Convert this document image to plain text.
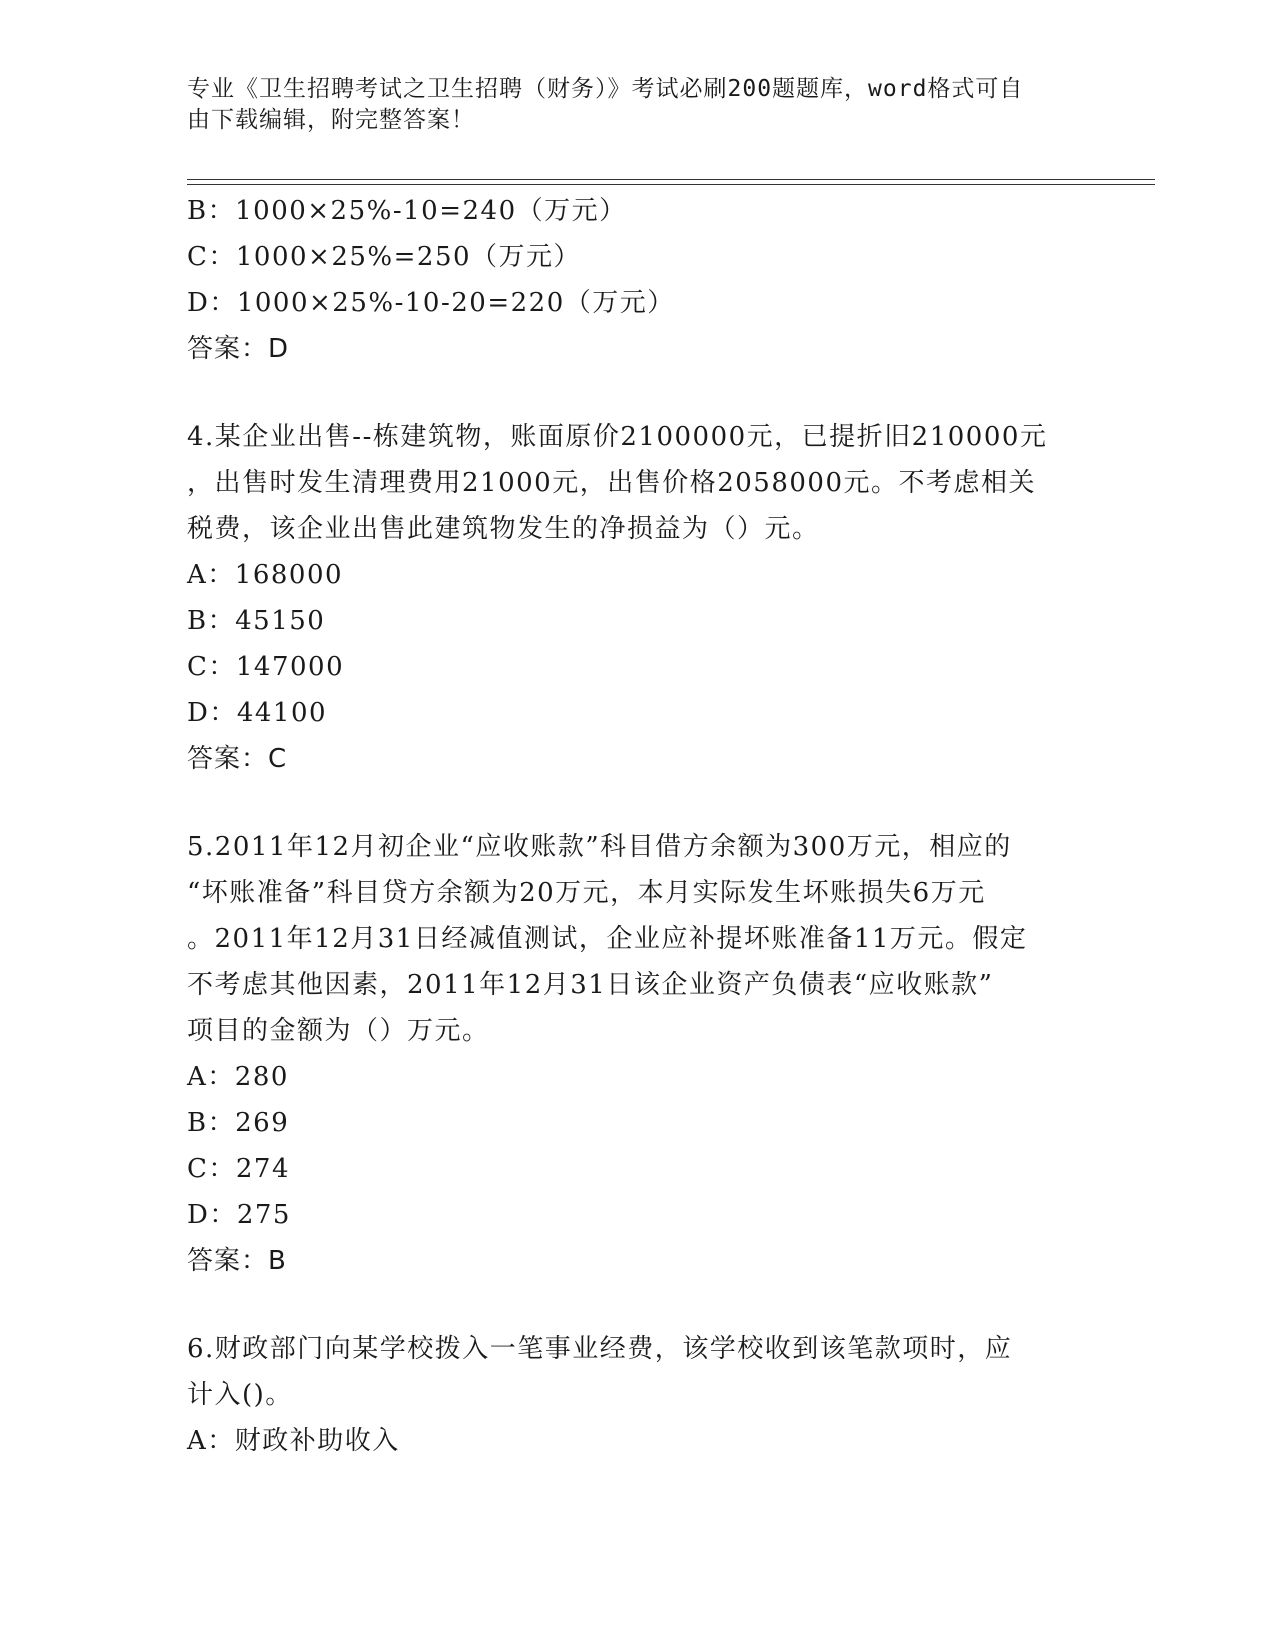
专业《卫生招聘考试之卫生招聘（财务）》考试必刷200题题库，word格式可自
由下载编辑，附完整答案！
B：1000×25%-10=240（万元）
C：1000×25%=250（万元）
D：1000×25%-10-20=220（万元）
答案：D
4.某企业出售--栋建筑物，账面原价2100000元，已提折旧210000元
，出售时发生清理费用21000元，出售价格2058000元。不考虑相关
税费，该企业出售此建筑物发生的净损益为（）元。
A：168000
B：45150
C：147000
D：44100
答案：C
5.2011年12月初企业“应收账款”科目借方余额为300万元，相应的
“坏账准备”科目贷方余额为20万元，本月实际发生坏账损失6万元
。2011年12月31日经减值测试，企业应补提坏账准备11万元。假定
不考虑其他因素，2011年12月31日该企业资产负债表“应收账款”
项目的金额为（）万元。
A：280
B：269
C：274
D：275
答案：B
6.财政部门向某学校拨入一笔事业经费，该学校收到该笔款项时，应
计入()。
A：财政补助收入
